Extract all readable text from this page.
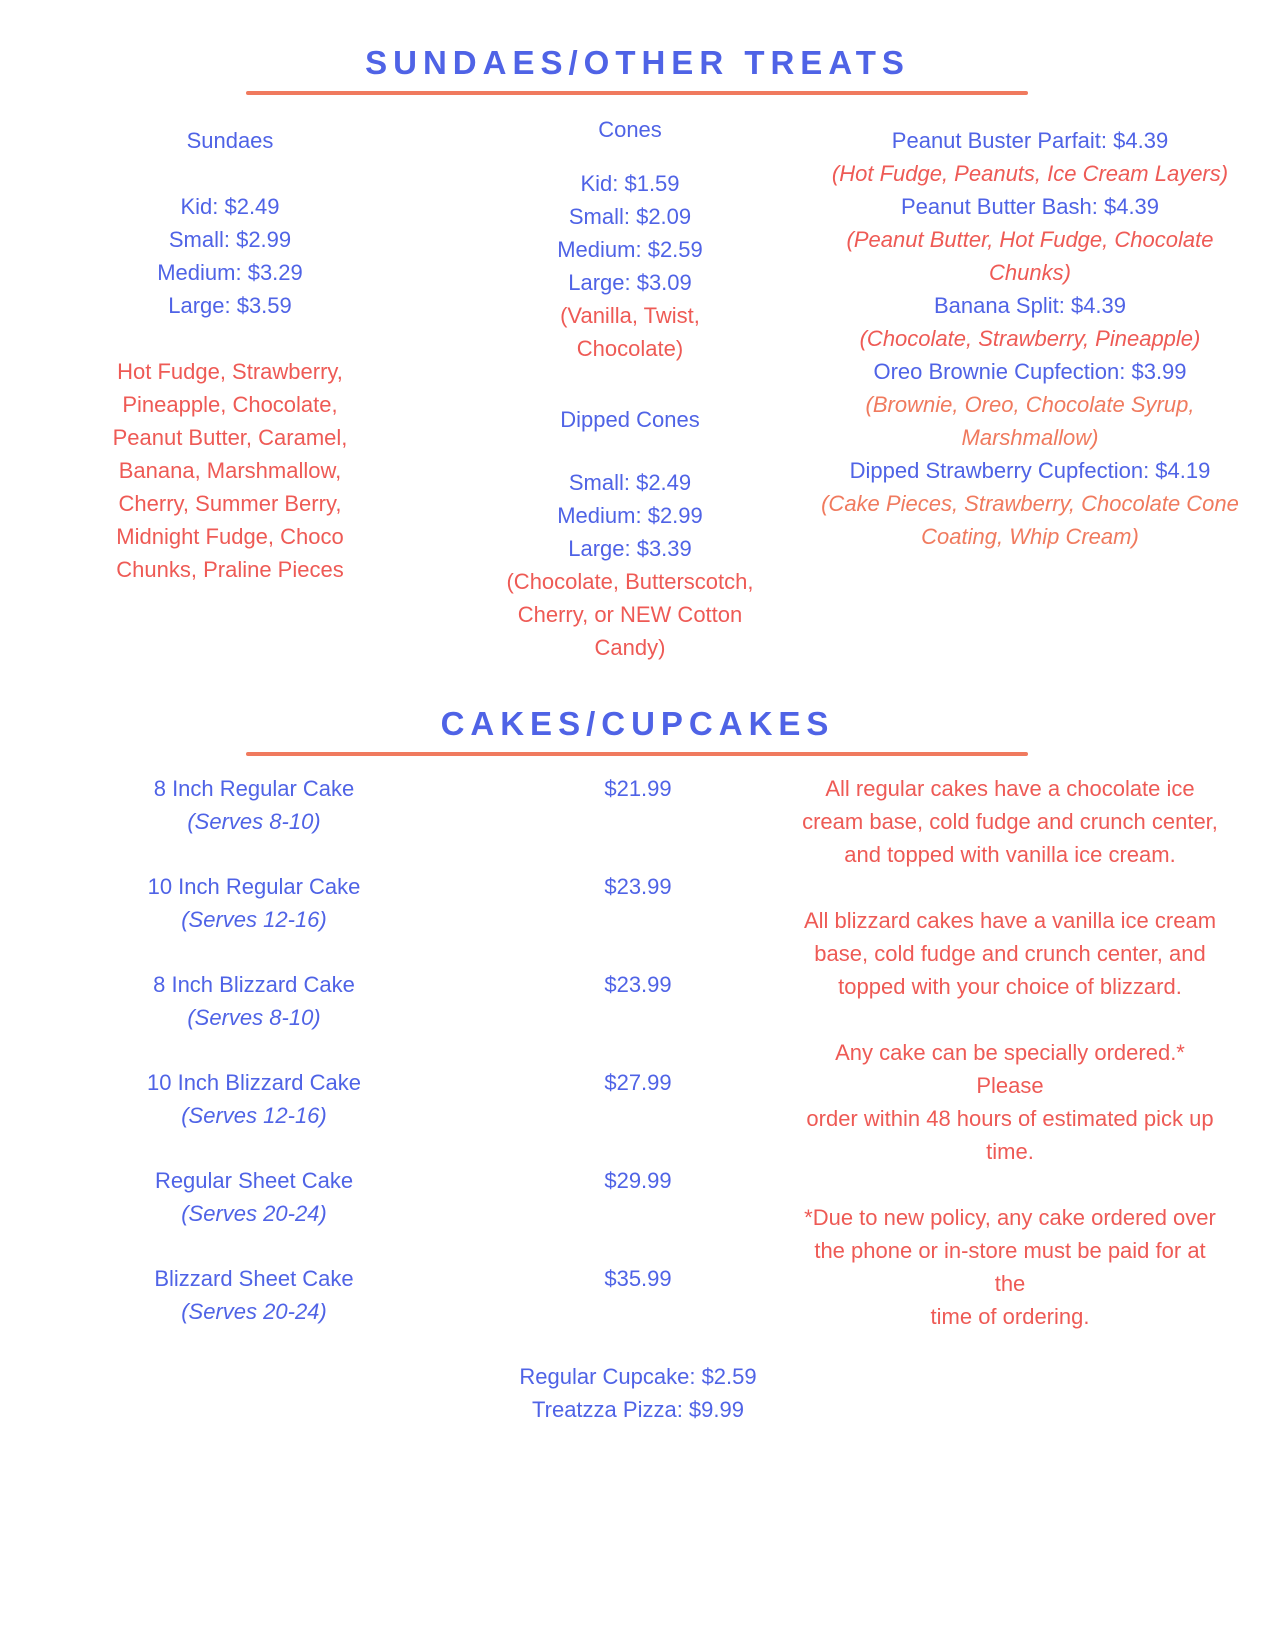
SUNDAES/OTHER TREATS
Sundaes
Kid: $2.49
Small: $2.99
Medium: $3.29
Large: $3.59
Hot Fudge, Strawberry,
Pineapple, Chocolate,
Peanut Butter, Caramel,
Banana, Marshmallow,
Cherry, Summer Berry,
Midnight Fudge, Choco
Chunks, Praline Pieces
Cones
Kid: $1.59
Small: $2.09
Medium: $2.59
Large: $3.09
(Vanilla, Twist,
Chocolate)
Dipped Cones
Small: $2.49
Medium: $2.99
Large: $3.39
(Chocolate, Butterscotch,
Cherry, or NEW Cotton
Candy)
Peanut Buster Parfait: $4.39
(Hot Fudge, Peanuts, Ice Cream Layers)
Peanut Butter Bash: $4.39
(Peanut Butter, Hot Fudge, Chocolate
Chunks)
Banana Split: $4.39
(Chocolate, Strawberry, Pineapple)
Oreo Brownie Cupfection: $3.99
(Brownie, Oreo, Chocolate Syrup,
Marshmallow)
Dipped Strawberry Cupfection: $4.19
(Cake Pieces, Strawberry, Chocolate Cone
Coating, Whip Cream)
CAKES/CUPCAKES
8 Inch Regular Cake
(Serves 8-10)
$21.99
10 Inch Regular Cake
(Serves 12-16)
$23.99
8 Inch Blizzard Cake
(Serves 8-10)
$23.99
10 Inch Blizzard Cake
(Serves 12-16)
$27.99
Regular Sheet Cake
(Serves 20-24)
$29.99
Blizzard Sheet Cake
(Serves 20-24)
$35.99
All regular cakes have a chocolate ice
cream base, cold fudge and crunch center,
and topped with vanilla ice cream.
All blizzard cakes have a vanilla ice cream
base, cold fudge and crunch center, and
topped with your choice of blizzard.
Any cake can be specially ordered.* Please
order within 48 hours of estimated pick up
time.
*Due to new policy, any cake ordered over
the phone or in-store must be paid for at the
time of ordering.
Regular Cupcake: $2.59
Treatzza Pizza: $9.99
